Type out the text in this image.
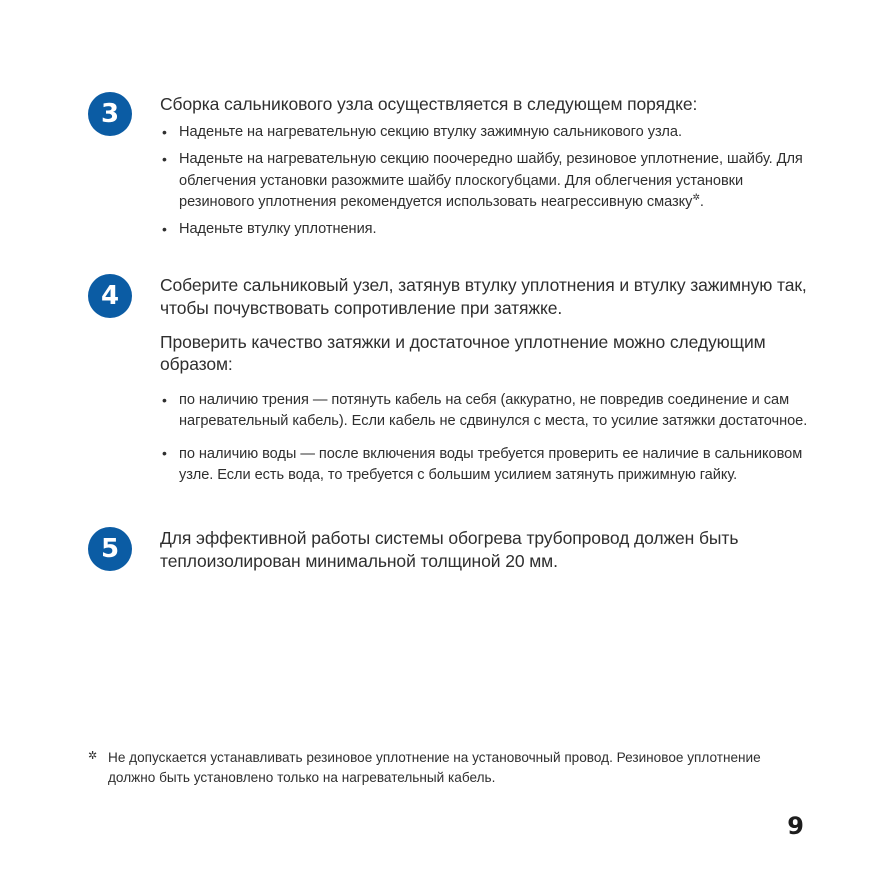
3	Сборка сальникового узла осуществляется в следующем порядке:

• Наденьте на нагревательную секцию втулку зажимную сальникового узла.
• Наденьте на нагревательную секцию поочередно шайбу, резиновое уплотнение, шайбу. Для облегчения установки разожмите шайбу плоскогубцами. Для облегчения установки резинового уплотнения рекомендуется использовать неагрессивную смазку✲.
• Наденьте втулку уплотнения.
4	Соберите сальниковый узел, затянув втулку уплотнения и втулку зажимную так, чтобы почувствовать сопротивление при затяжке.

Проверить качество затяжки и достаточное уплотнение можно следующим образом:

• по наличию трения — потянуть кабель на себя (аккуратно, не повредив соединение и сам нагревательный кабель). Если кабель не сдвинулся с места, то усилие затяжки достаточное.
• по наличию воды — после включения воды требуется проверить ее наличие в сальниковом узле. Если есть вода, то требуется с большим усилием затянуть прижимную гайку.
5	Для эффективной работы системы обогрева трубопровод должен быть теплоизолирован минимальной толщиной 20 мм.

✲ Не допускается устанавливать резиновое уплотнение на установочный провод. Резиновое уплотнение должно быть установлено только на нагревательный кабель.
9
